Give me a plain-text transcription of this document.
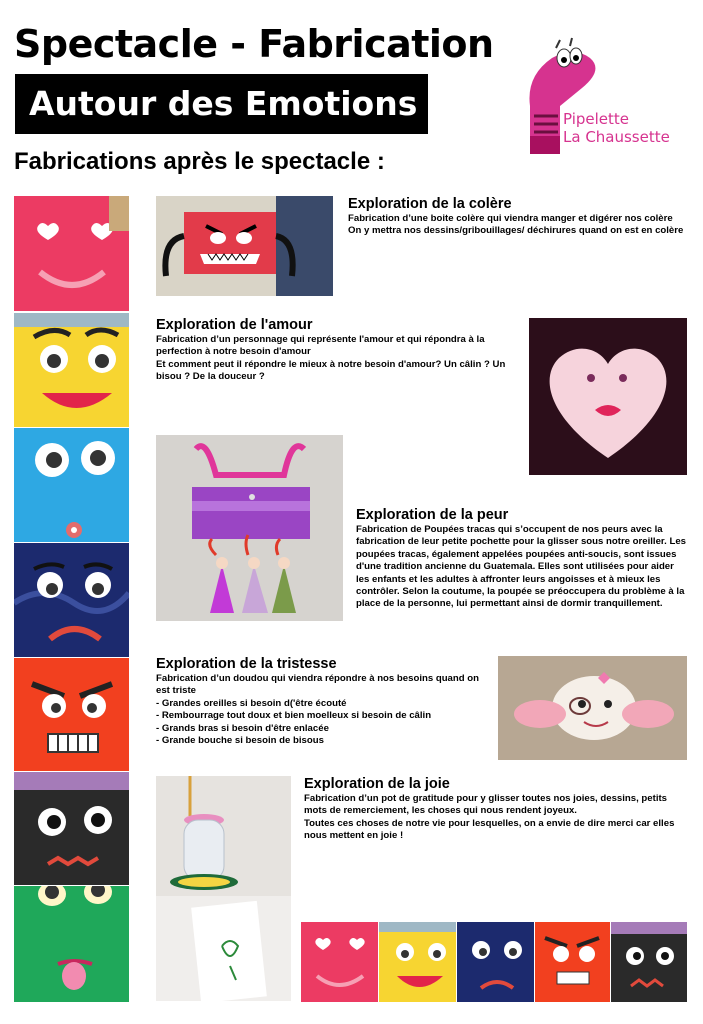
Spectacle - Fabrication
Autour des Emotions !
Fabrications après le spectacle :
Pipelette
La Chaussette
Exploration de la colère
Fabrication d’une boite colère qui viendra manger et digérer nos colère
On y mettra nos dessins/gribouillages/ déchirures quand on est en colère
Exploration de l'amour
Fabrication d’un personnage qui représente l'amour et qui répondra à la perfection à notre besoin d'amour
Et comment peut il répondre le mieux à notre besoin d'amour? Un câlin ? Un bisou ? De la douceur ?
Exploration de la peur
Fabrication de Poupées tracas qui s’occupent de nos peurs avec la fabrication de leur petite pochette pour la glisser sous notre oreiller. Les poupées tracas, également appelées poupées anti-soucis, sont issues d'une tradition ancienne du Guatemala. Elles sont utilisées pour aider les enfants et les adultes à affronter leurs angoisses et à mieux les contrôler. Selon la coutume, la poupée se préoccupera du problème à la place de la personne, lui permettant ainsi de dormir tranquillement.
Exploration de la tristesse
Fabrication d’un doudou qui viendra répondre à nos besoins quand on est triste
- Grandes oreilles si besoin d('être écouté
- Rembourrage tout doux et bien moelleux si besoin de câlin
- Grands bras si besoin d'être enlacée
- Grande bouche si besoin de bisous
Exploration de la joie
Fabrication d’un pot de gratitude pour y glisser toutes nos joies, dessins, petits mots de remerciement, les choses qui nous rendent joyeux.
Toutes ces choses de notre vie pour lesquelles, on a envie de dire merci car elles nous mettent en joie !
